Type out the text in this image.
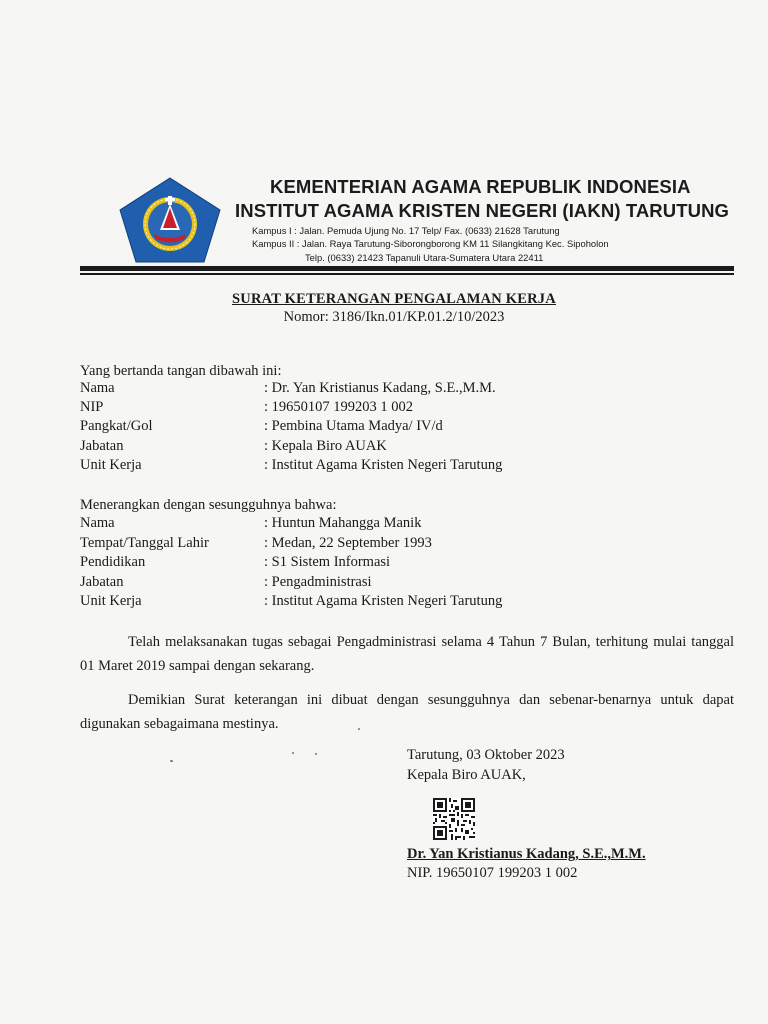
KEMENTERIAN AGAMA REPUBLIK INDONESIA
INSTITUT AGAMA KRISTEN NEGERI (IAKN) TARUTUNG
Kampus I : Jalan. Pemuda Ujung No. 17 Telp/ Fax. (0633) 21628 Tarutung
Kampus II : Jalan. Raya Tarutung-Siborongborong KM 11 Silangkitang Kec. Sipoholon
Telp. (0633) 21423 Tapanuli Utara-Sumatera Utara 22411
SURAT KETERANGAN PENGALAMAN KERJA
Nomor: 3186/Ikn.01/KP.01.2/10/2023
Yang bertanda tangan dibawah ini:
Nama	: Dr. Yan Kristianus Kadang, S.E.,M.M.
NIP	: 19650107 199203 1 002
Pangkat/Gol	: Pembina Utama Madya/ IV/d
Jabatan	: Kepala Biro AUAK
Unit Kerja	: Institut Agama Kristen Negeri Tarutung
Menerangkan dengan sesungguhnya bahwa:
Nama	: Huntun Mahangga Manik
Tempat/Tanggal Lahir	: Medan, 22 September 1993
Pendidikan	: S1 Sistem Informasi
Jabatan	: Pengadministrasi
Unit Kerja	: Institut Agama Kristen Negeri Tarutung
Telah melaksanakan tugas sebagai Pengadministrasi selama 4 Tahun 7 Bulan, terhitung mulai tanggal 01 Maret 2019 sampai dengan sekarang.
Demikian Surat keterangan ini dibuat dengan sesungguhnya dan sebenar-benarnya untuk dapat digunakan sebagaimana mestinya.
Tarutung, 03 Oktober 2023
Kepala Biro AUAK,
Dr. Yan Kristianus Kadang, S.E.,M.M.
NIP. 19650107 199203 1 002
